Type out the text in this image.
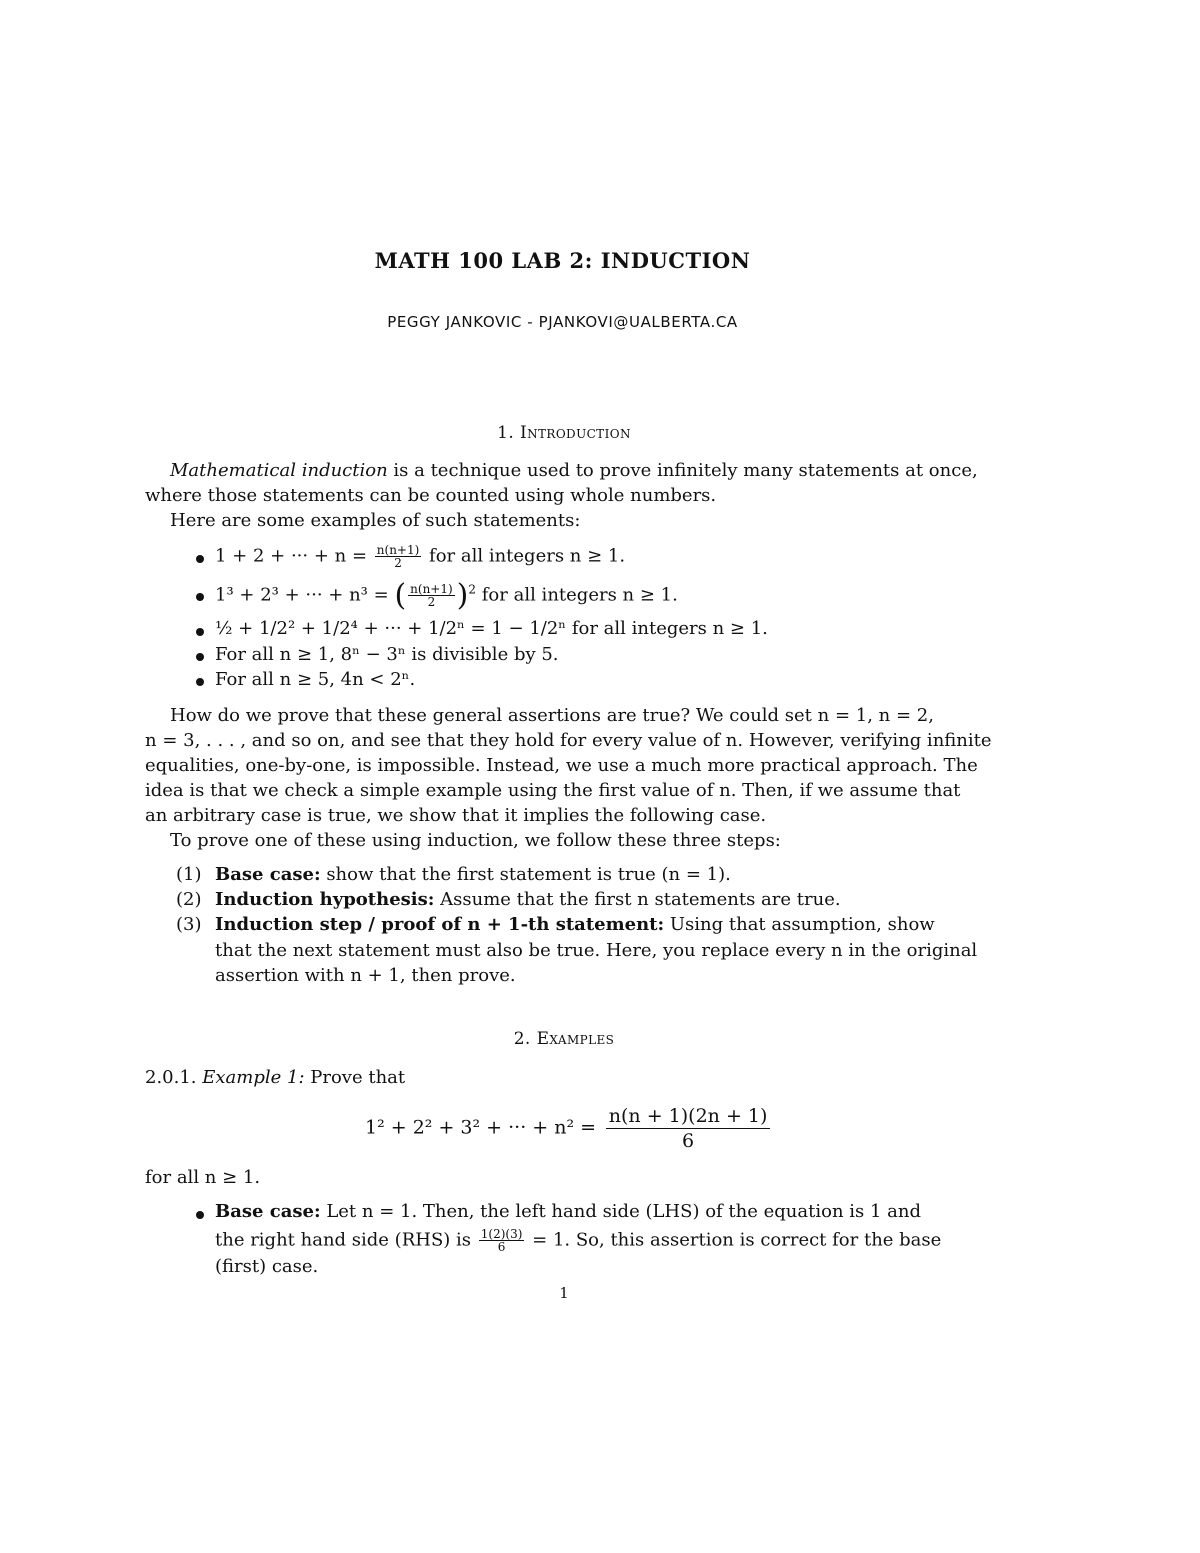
MATH 100 LAB 2: INDUCTION
PEGGY JANKOVIC - PJANKOVI@UALBERTA.CA
1. Introduction
Mathematical induction is a technique used to prove infinitely many statements at once,
where those statements can be counted using whole numbers.
Here are some examples of such statements:
1 + 2 + ··· + $n = \frac{n(n+1)}{2}$ for all integers n ≥ 1.
1³ + 2³ + ··· + n³ = ( $\frac{n(n+1)}{2} )^2$ for all integers n ≥ 1.
½ + 1/2² + 1/2⁴ + ··· + 1/2ⁿ = 1 − 1/2ⁿ for all integers n ≥ 1.
For all n ≥ 1, 8ⁿ − 3ⁿ is divisible by 5.
For all n ≥ 5, 4n < 2ⁿ.
How do we prove that these general assertions are true? We could set n = 1, n = 2,
n = 3, . . . , and so on, and see that they hold for every value of n. However, verifying infinite
equalities, one-by-one, is impossible. Instead, we use a much more practical approach. The
idea is that we check a simple example using the first value of n. Then, if we assume that
an arbitrary case is true, we show that it implies the following case.
To prove one of these using induction, we follow these three steps:
(1) Base case: show that the first statement is true (n = 1).
(2) Induction hypothesis: Assume that the first n statements are true.
(3) Induction step / proof of n + 1-th statement: Using that assumption, show
that the next statement must also be true. Here, you replace every n in the original
assertion with n + 1, then prove.
2. Examples
2.0.1. Example 1: Prove that
1² + 2² + 3² + ··· + $n^2 = \frac{n(n + 1)(2n + 1)}{6}$
for all n ≥ 1.
Base case: Let n = 1. Then, the left hand side (LHS) of the equation is 1 and
the right hand side (RHS) is $\frac{1(2)(3)}{6} = 1$. So, this assertion is correct for the base
(first) case.
1
